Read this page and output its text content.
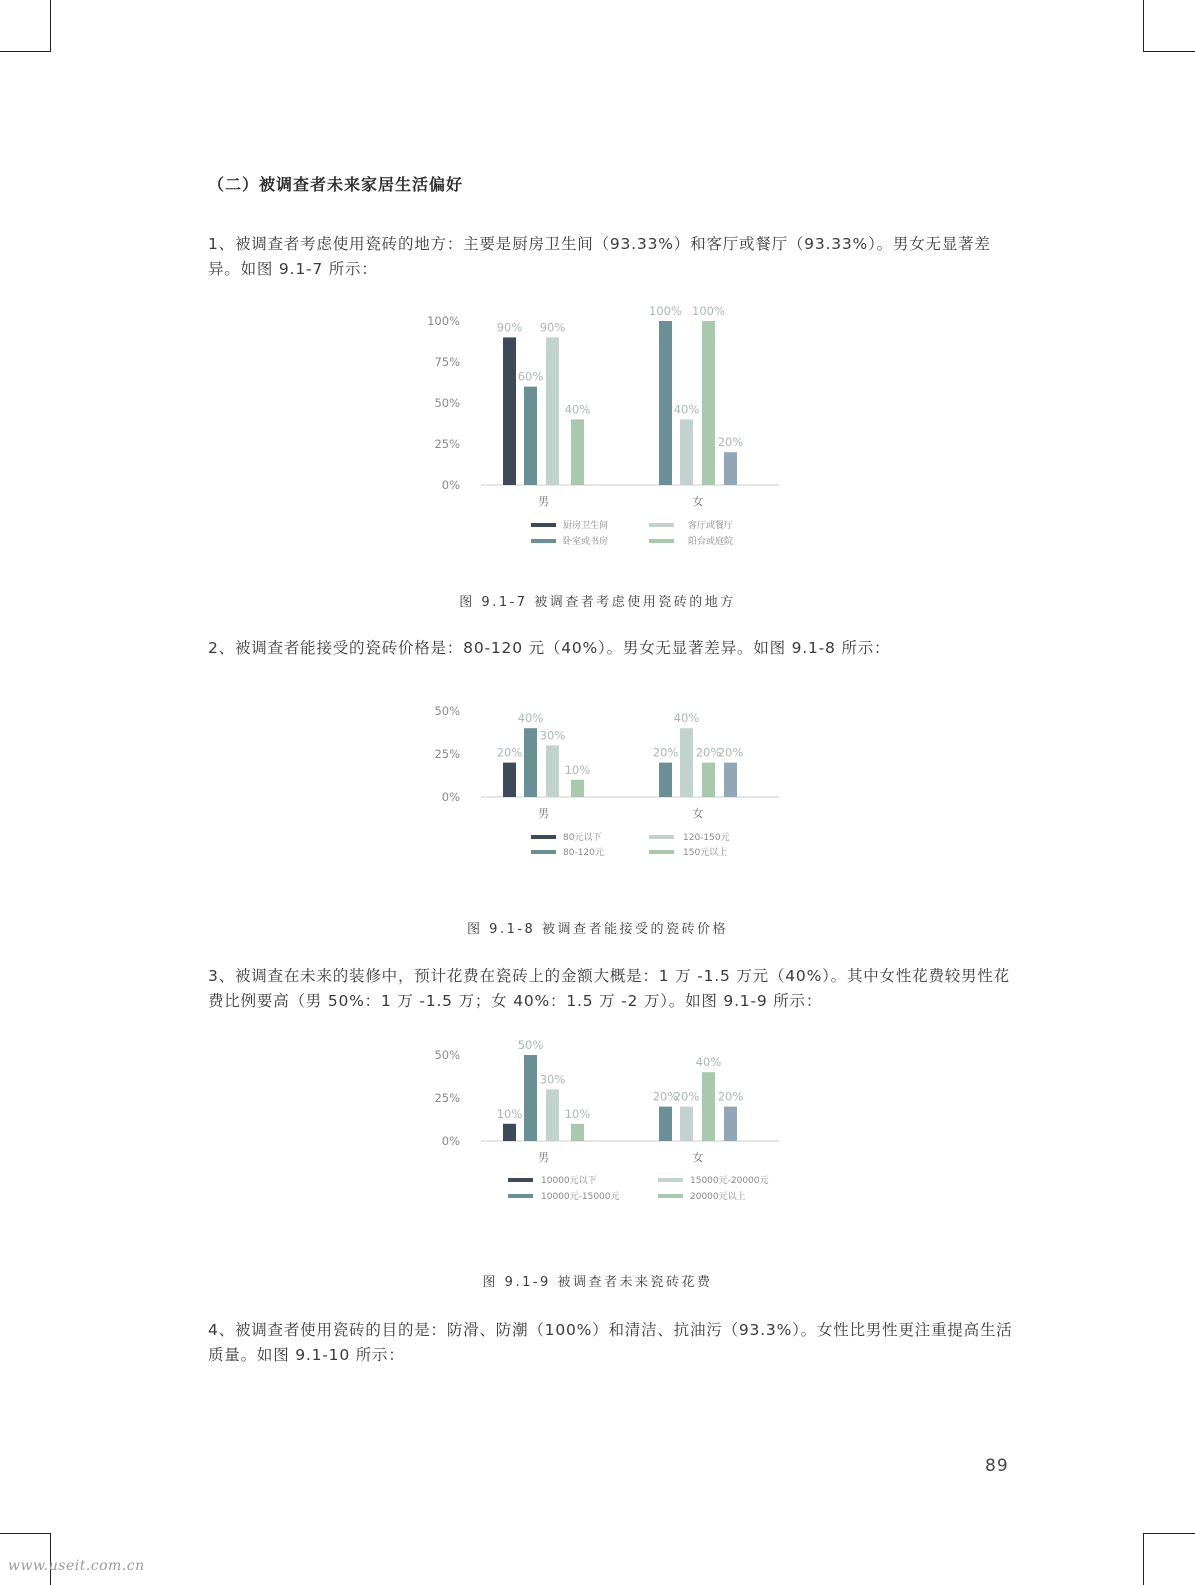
（二）被调查者未来家居生活偏好
1、被调查者考虑使用瓷砖的地方：主要是厨房卫生间（93.33%）和客厅或餐厅（93.33%）。男女无显著差异。如图 9.1-7 所示：
0%
25%
50%
75%
100%	90%
60%
90%
40%
100%
40%
100%
20%
男	女
厨房卫生间
卧室或书房
客厅或餐厅
阳台或庭院
图 9.1-7 被调查者考虑使用瓷砖的地方
2、被调查者能接受的瓷砖价格是：80-120 元（40%）。男女无显著差异。如图 9.1-8 所示：
0%
25%
50%
20%
40%
30%
10%
20%
40%
20%
20%
男	女
80元以下
80-120元
120-150元
150元以上
图 9.1-8 被调查者能接受的瓷砖价格
3、被调查在未来的装修中，预计花费在瓷砖上的金额大概是：1 万 -1.5 万元（40%）。其中女性花费较男性花费比例要高（男 50%：1 万 -1.5 万；女 40%：1.5 万 -2 万）。如图 9.1-9 所示：
0%
25%
50%
10%
50%
30%
10%
20%
20%
40%
20%
男	女
10000元以下
10000元-15000元
15000元-20000元
20000元以上
图 9.1-9 被调查者未来瓷砖花费
4、被调查者使用瓷砖的目的是：防滑、防潮（100%）和清洁、抗油污（93.3%）。女性比男性更注重提高生活质量。如图 9.1-10 所示：
89
www.useit.com.cn
